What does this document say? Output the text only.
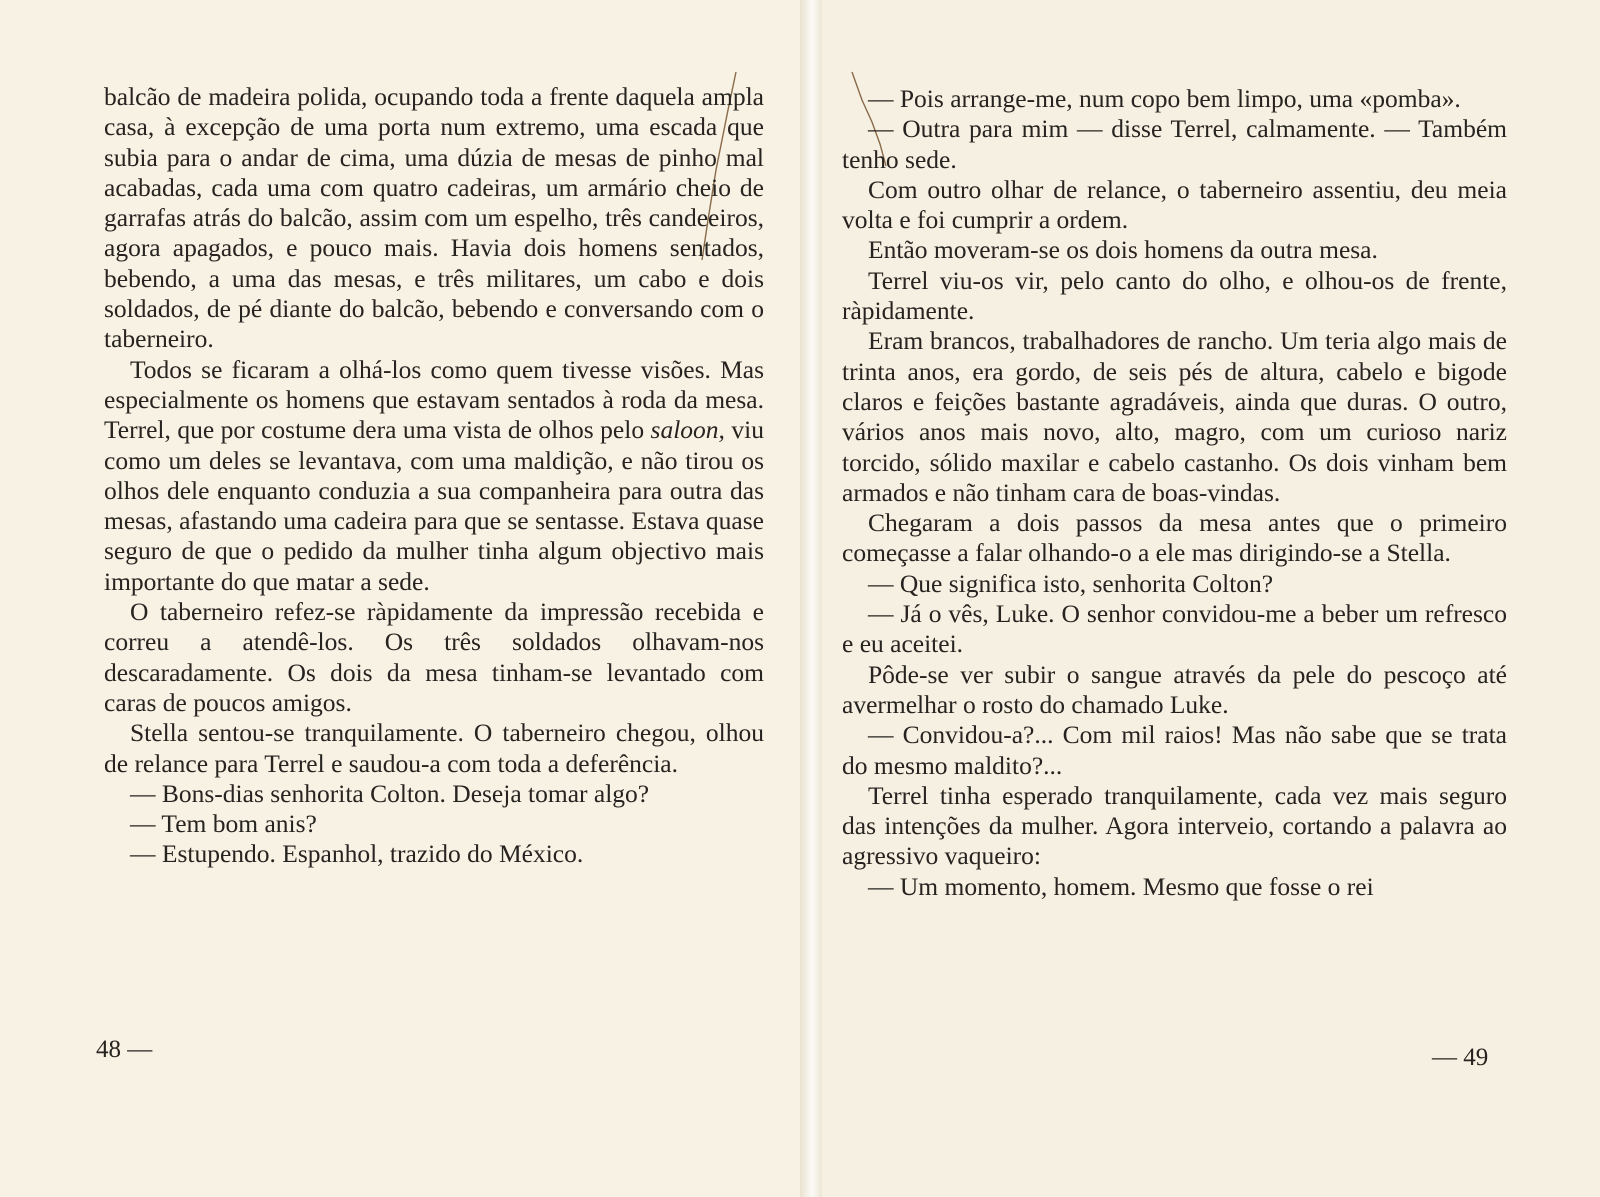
balcão de madeira polida, ocupando toda a frente daquela ampla casa, à excepção de uma porta num extremo, uma escada que subia para o andar de cima, uma dúzia de mesas de pinho mal acabadas, cada uma com quatro cadeiras, um armário cheio de garrafas atrás do balcão, assim com um espelho, três candeeiros, agora apagados, e pouco mais. Havia dois homens sentados, bebendo, a uma das mesas, e três militares, um cabo e dois soldados, de pé diante do balcão, bebendo e conversando com o taberneiro.

Todos se ficaram a olhá-los como quem tivesse visões. Mas especialmente os homens que estavam sentados à roda da mesa. Terrel, que por costume dera uma vista de olhos pelo saloon, viu como um deles se levantava, com uma maldição, e não tirou os olhos dele enquanto conduzia a sua companheira para outra das mesas, afastando uma cadeira para que se sentasse. Estava quase seguro de que o pedido da mulher tinha algum objectivo mais importante do que matar a sede.

O taberneiro refez-se ràpidamente da impressão recebida e correu a atendê-los. Os três soldados olhavam-nos descaradamente. Os dois da mesa tinham-se levantado com caras de poucos amigos.

Stella sentou-se tranquilamente. O taberneiro chegou, olhou de relance para Terrel e saudou-a com toda a deferência.

— Bons-dias senhorita Colton. Deseja tomar algo?

— Tem bom anis?

— Estupendo. Espanhol, trazido do México.

48 —

— Pois arrange-me, num copo bem limpo, uma «pomba».

— Outra para mim — disse Terrel, calmamente. — Também tenho sede.

Com outro olhar de relance, o taberneiro assentiu, deu meia volta e foi cumprir a ordem.

Então moveram-se os dois homens da outra mesa.

Terrel viu-os vir, pelo canto do olho, e olhou-os de frente, ràpidamente.

Eram brancos, trabalhadores de rancho. Um teria algo mais de trinta anos, era gordo, de seis pés de altura, cabelo e bigode claros e feições bastante agradáveis, ainda que duras. O outro, vários anos mais novo, alto, magro, com um curioso nariz torcido, sólido maxilar e cabelo castanho. Os dois vinham bem armados e não tinham cara de boas-vindas.

Chegaram a dois passos da mesa antes que o primeiro começasse a falar olhando-o a ele mas dirigindo-se a Stella.

— Que significa isto, senhorita Colton?

— Já o vês, Luke. O senhor convidou-me a beber um refresco e eu aceitei.

Pôde-se ver subir o sangue através da pele do pescoço até avermelhar o rosto do chamado Luke.

— Convidou-a?... Com mil raios! Mas não sabe que se trata do mesmo maldito?...

Terrel tinha esperado tranquilamente, cada vez mais seguro das intenções da mulher. Agora interveio, cortando a palavra ao agressivo vaqueiro:

— Um momento, homem. Mesmo que fosse o rei

— 49
